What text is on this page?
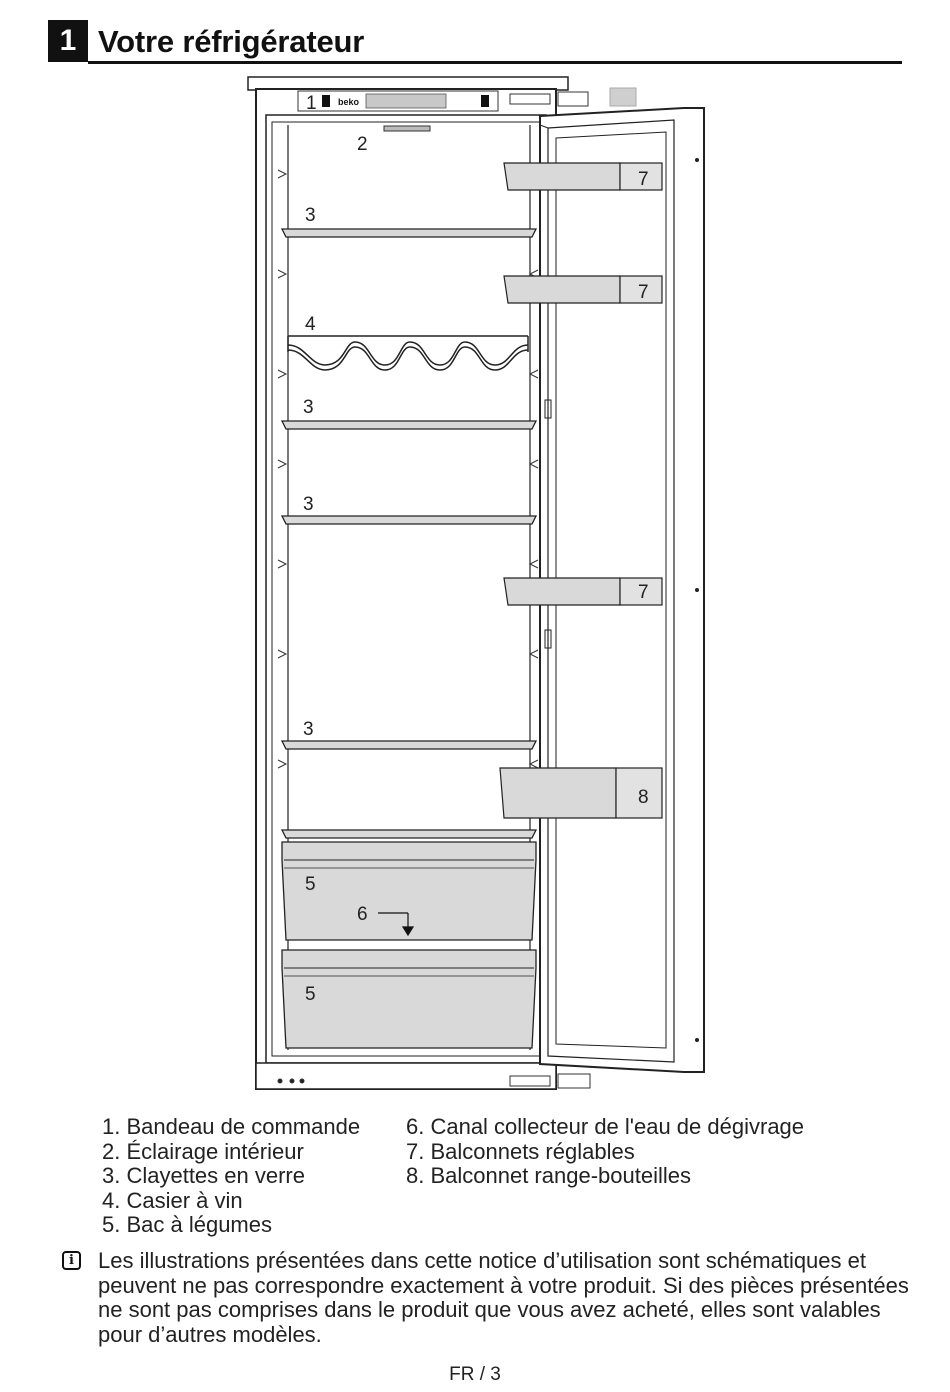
1 Votre réfrigérateur
beko
1
2
3
4
3
3
3
5
6
5
7
7
7
8
1. Bandeau de commande
2. Éclairage intérieur
3. Clayettes en verre
4. Casier à vin
5. Bac à légumes
6. Canal collecteur de l'eau de dégivrage
7. Balconnets réglables
8. Balconnet range-bouteilles
i	Les illustrations présentées dans cette notice d’utilisation sont schématiques et peuvent ne pas correspondre exactement à votre produit. Si des pièces présentées ne sont pas comprises dans le produit que vous avez acheté, elles sont valables pour d’autres modèles.
FR / 3
